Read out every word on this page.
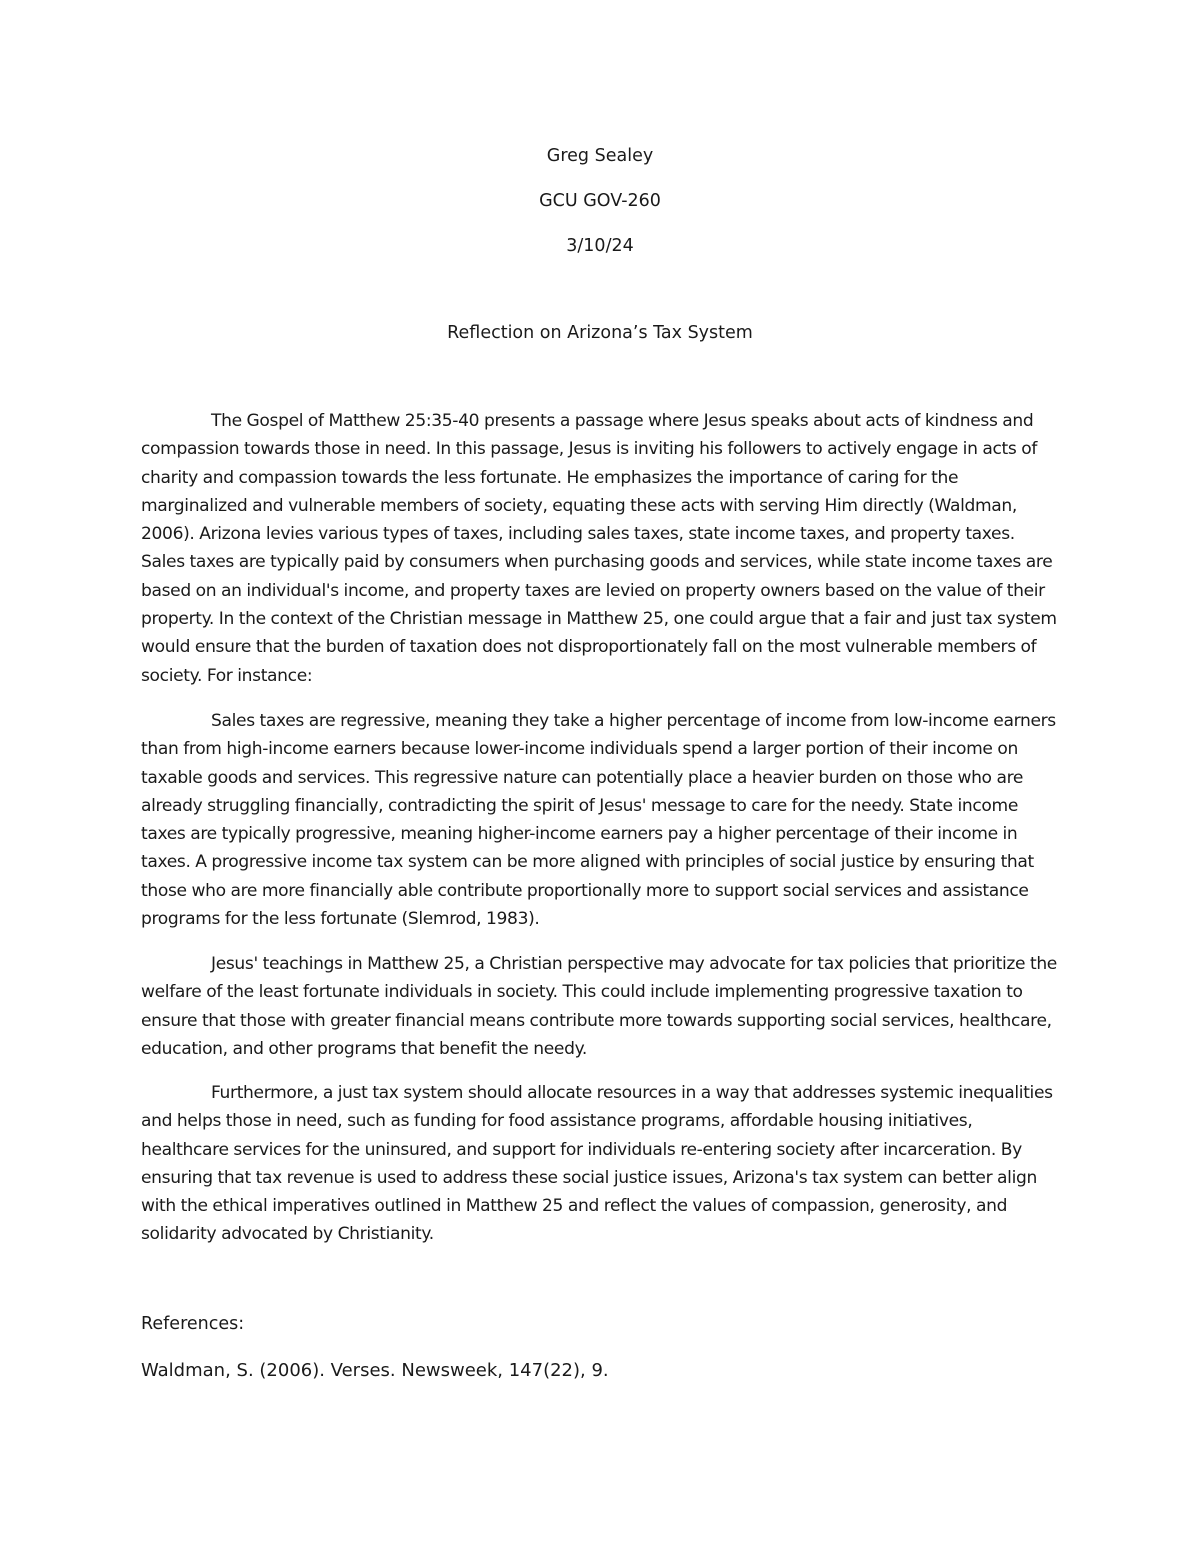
Greg Sealey

GCU GOV-260

3/10/24

Reflection on Arizona’s Tax System

The Gospel of Matthew 25:35-40 presents a passage where Jesus speaks about acts of kindness and compassion towards those in need. In this passage, Jesus is inviting his followers to actively engage in acts of charity and compassion towards the less fortunate. He emphasizes the importance of caring for the marginalized and vulnerable members of society, equating these acts with serving Him directly (Waldman, 2006). Arizona levies various types of taxes, including sales taxes, state income taxes, and property taxes. Sales taxes are typically paid by consumers when purchasing goods and services, while state income taxes are based on an individual's income, and property taxes are levied on property owners based on the value of their property. In the context of the Christian message in Matthew 25, one could argue that a fair and just tax system would ensure that the burden of taxation does not disproportionately fall on the most vulnerable members of society. For instance:

Sales taxes are regressive, meaning they take a higher percentage of income from low-income earners than from high-income earners because lower-income individuals spend a larger portion of their income on taxable goods and services. This regressive nature can potentially place a heavier burden on those who are already struggling financially, contradicting the spirit of Jesus' message to care for the needy. State income taxes are typically progressive, meaning higher-income earners pay a higher percentage of their income in taxes. A progressive income tax system can be more aligned with principles of social justice by ensuring that those who are more financially able contribute proportionally more to support social services and assistance programs for the less fortunate (Slemrod, 1983).

Jesus' teachings in Matthew 25, a Christian perspective may advocate for tax policies that prioritize the welfare of the least fortunate individuals in society. This could include implementing progressive taxation to ensure that those with greater financial means contribute more towards supporting social services, healthcare, education, and other programs that benefit the needy.

Furthermore, a just tax system should allocate resources in a way that addresses systemic inequalities and helps those in need, such as funding for food assistance programs, affordable housing initiatives, healthcare services for the uninsured, and support for individuals re-entering society after incarceration. By ensuring that tax revenue is used to address these social justice issues, Arizona's tax system can better align with the ethical imperatives outlined in Matthew 25 and reflect the values of compassion, generosity, and solidarity advocated by Christianity.

References:

Waldman, S. (2006). Verses. Newsweek, 147(22), 9.
